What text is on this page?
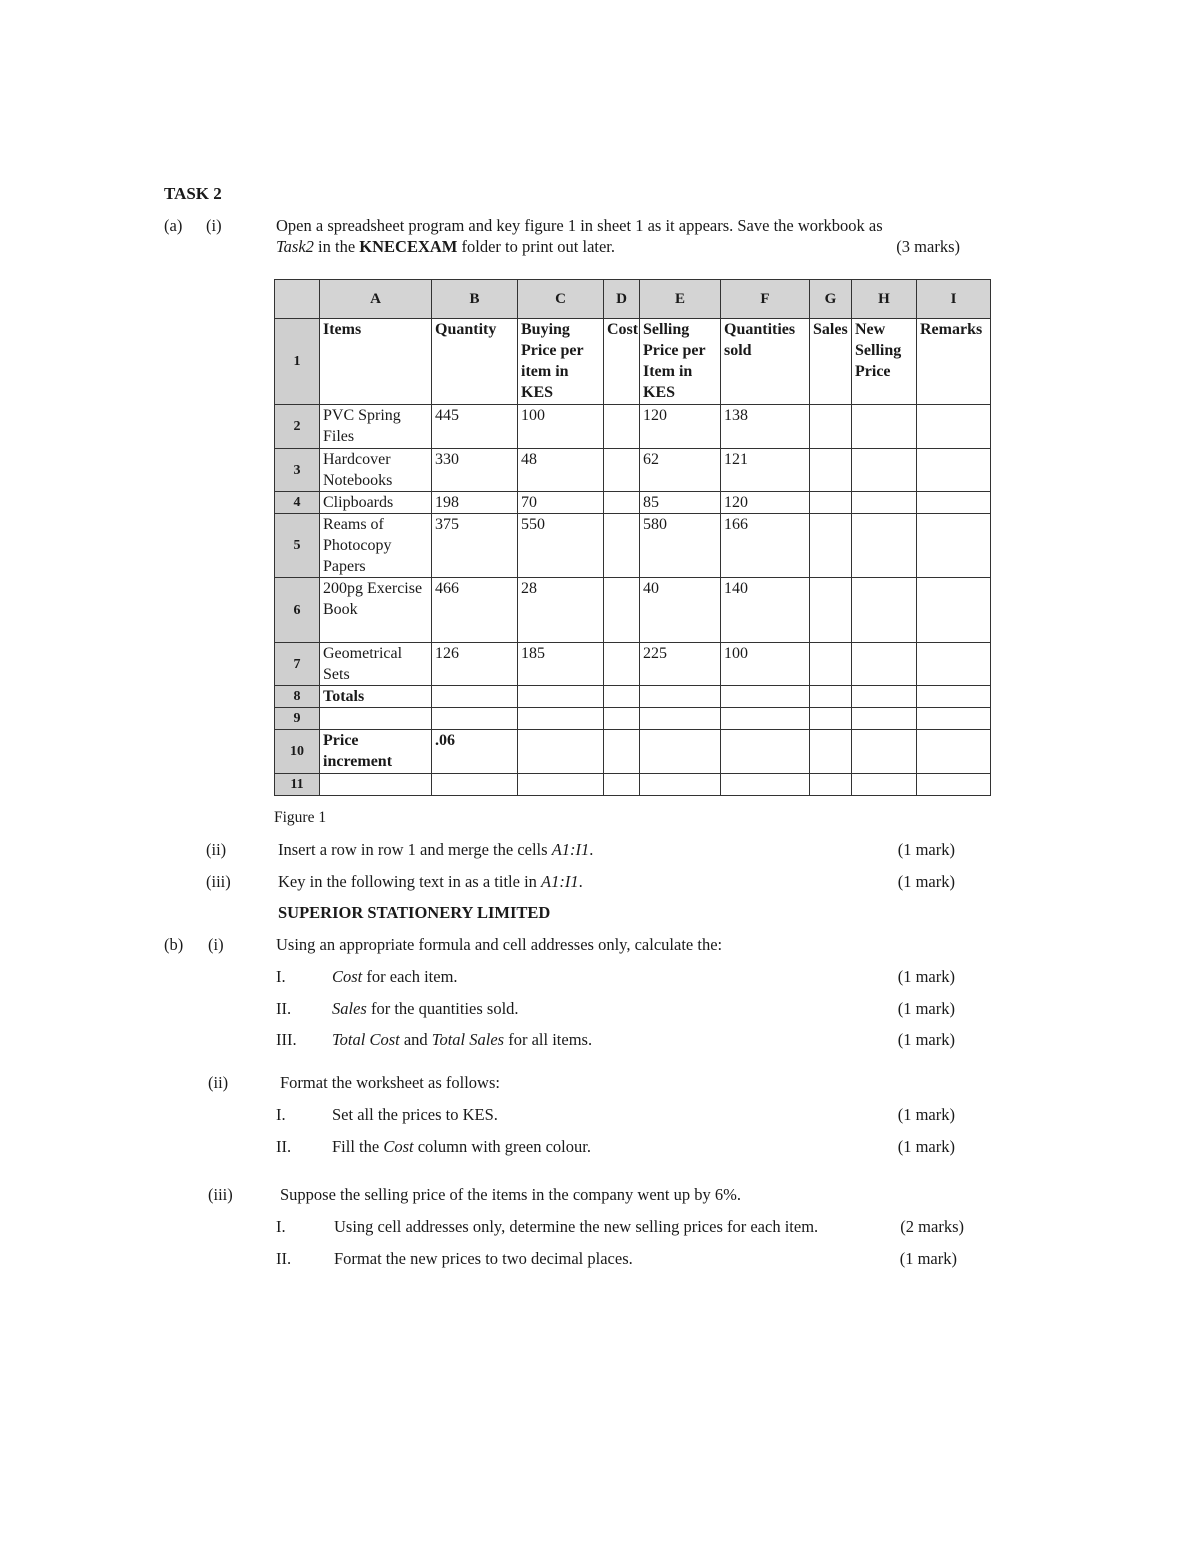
TASK 2
(a) (i)	Open a spreadsheet program and key figure 1 in sheet 1 as it appears. Save the workbook as
Task2 in the KNECEXAM folder to print out later.	(3 marks)
	A	B	C	D	E	F	G	H	I
1	Items	Quantity	Buying Price per item in KES	Cost	Selling Price per Item in KES	Quantities sold	Sales	New Selling Price	Remarks
2	PVC Spring Files	445	100		120	138			
3	Hardcover Notebooks	330	48		62	121			
4	Clipboards	198	70		85	120			
5	Reams of Photocopy Papers	375	550		580	166			
6	200pg Exercise Book	466	28		40	140			
7	Geometrical Sets	126	185		225	100			
8	Totals								
9									
10	Price increment	.06							
11									
Figure 1
(ii)	Insert a row in row 1 and merge the cells A1:I1.	(1 mark)
(iii)	Key in the following text in as a title in A1:I1.	(1 mark)
SUPERIOR STATIONERY LIMITED
(b) (i)	Using an appropriate formula and cell addresses only, calculate the:
I.	Cost for each item.	(1 mark)
II. Sales for the quantities sold.	(1 mark)
III. Total Cost and Total Sales for all items.	(1 mark)
(ii)	Format the worksheet as follows:
I.	Set all the prices to KES.	(1 mark)
II. Fill the Cost column with green colour.	(1 mark)
(iii)	Suppose the selling price of the items in the company went up by 6%.
I.	Using cell addresses only, determine the new selling prices for each item.	(2 marks)
II.	Format the new prices to two decimal places.	(1 mark)
